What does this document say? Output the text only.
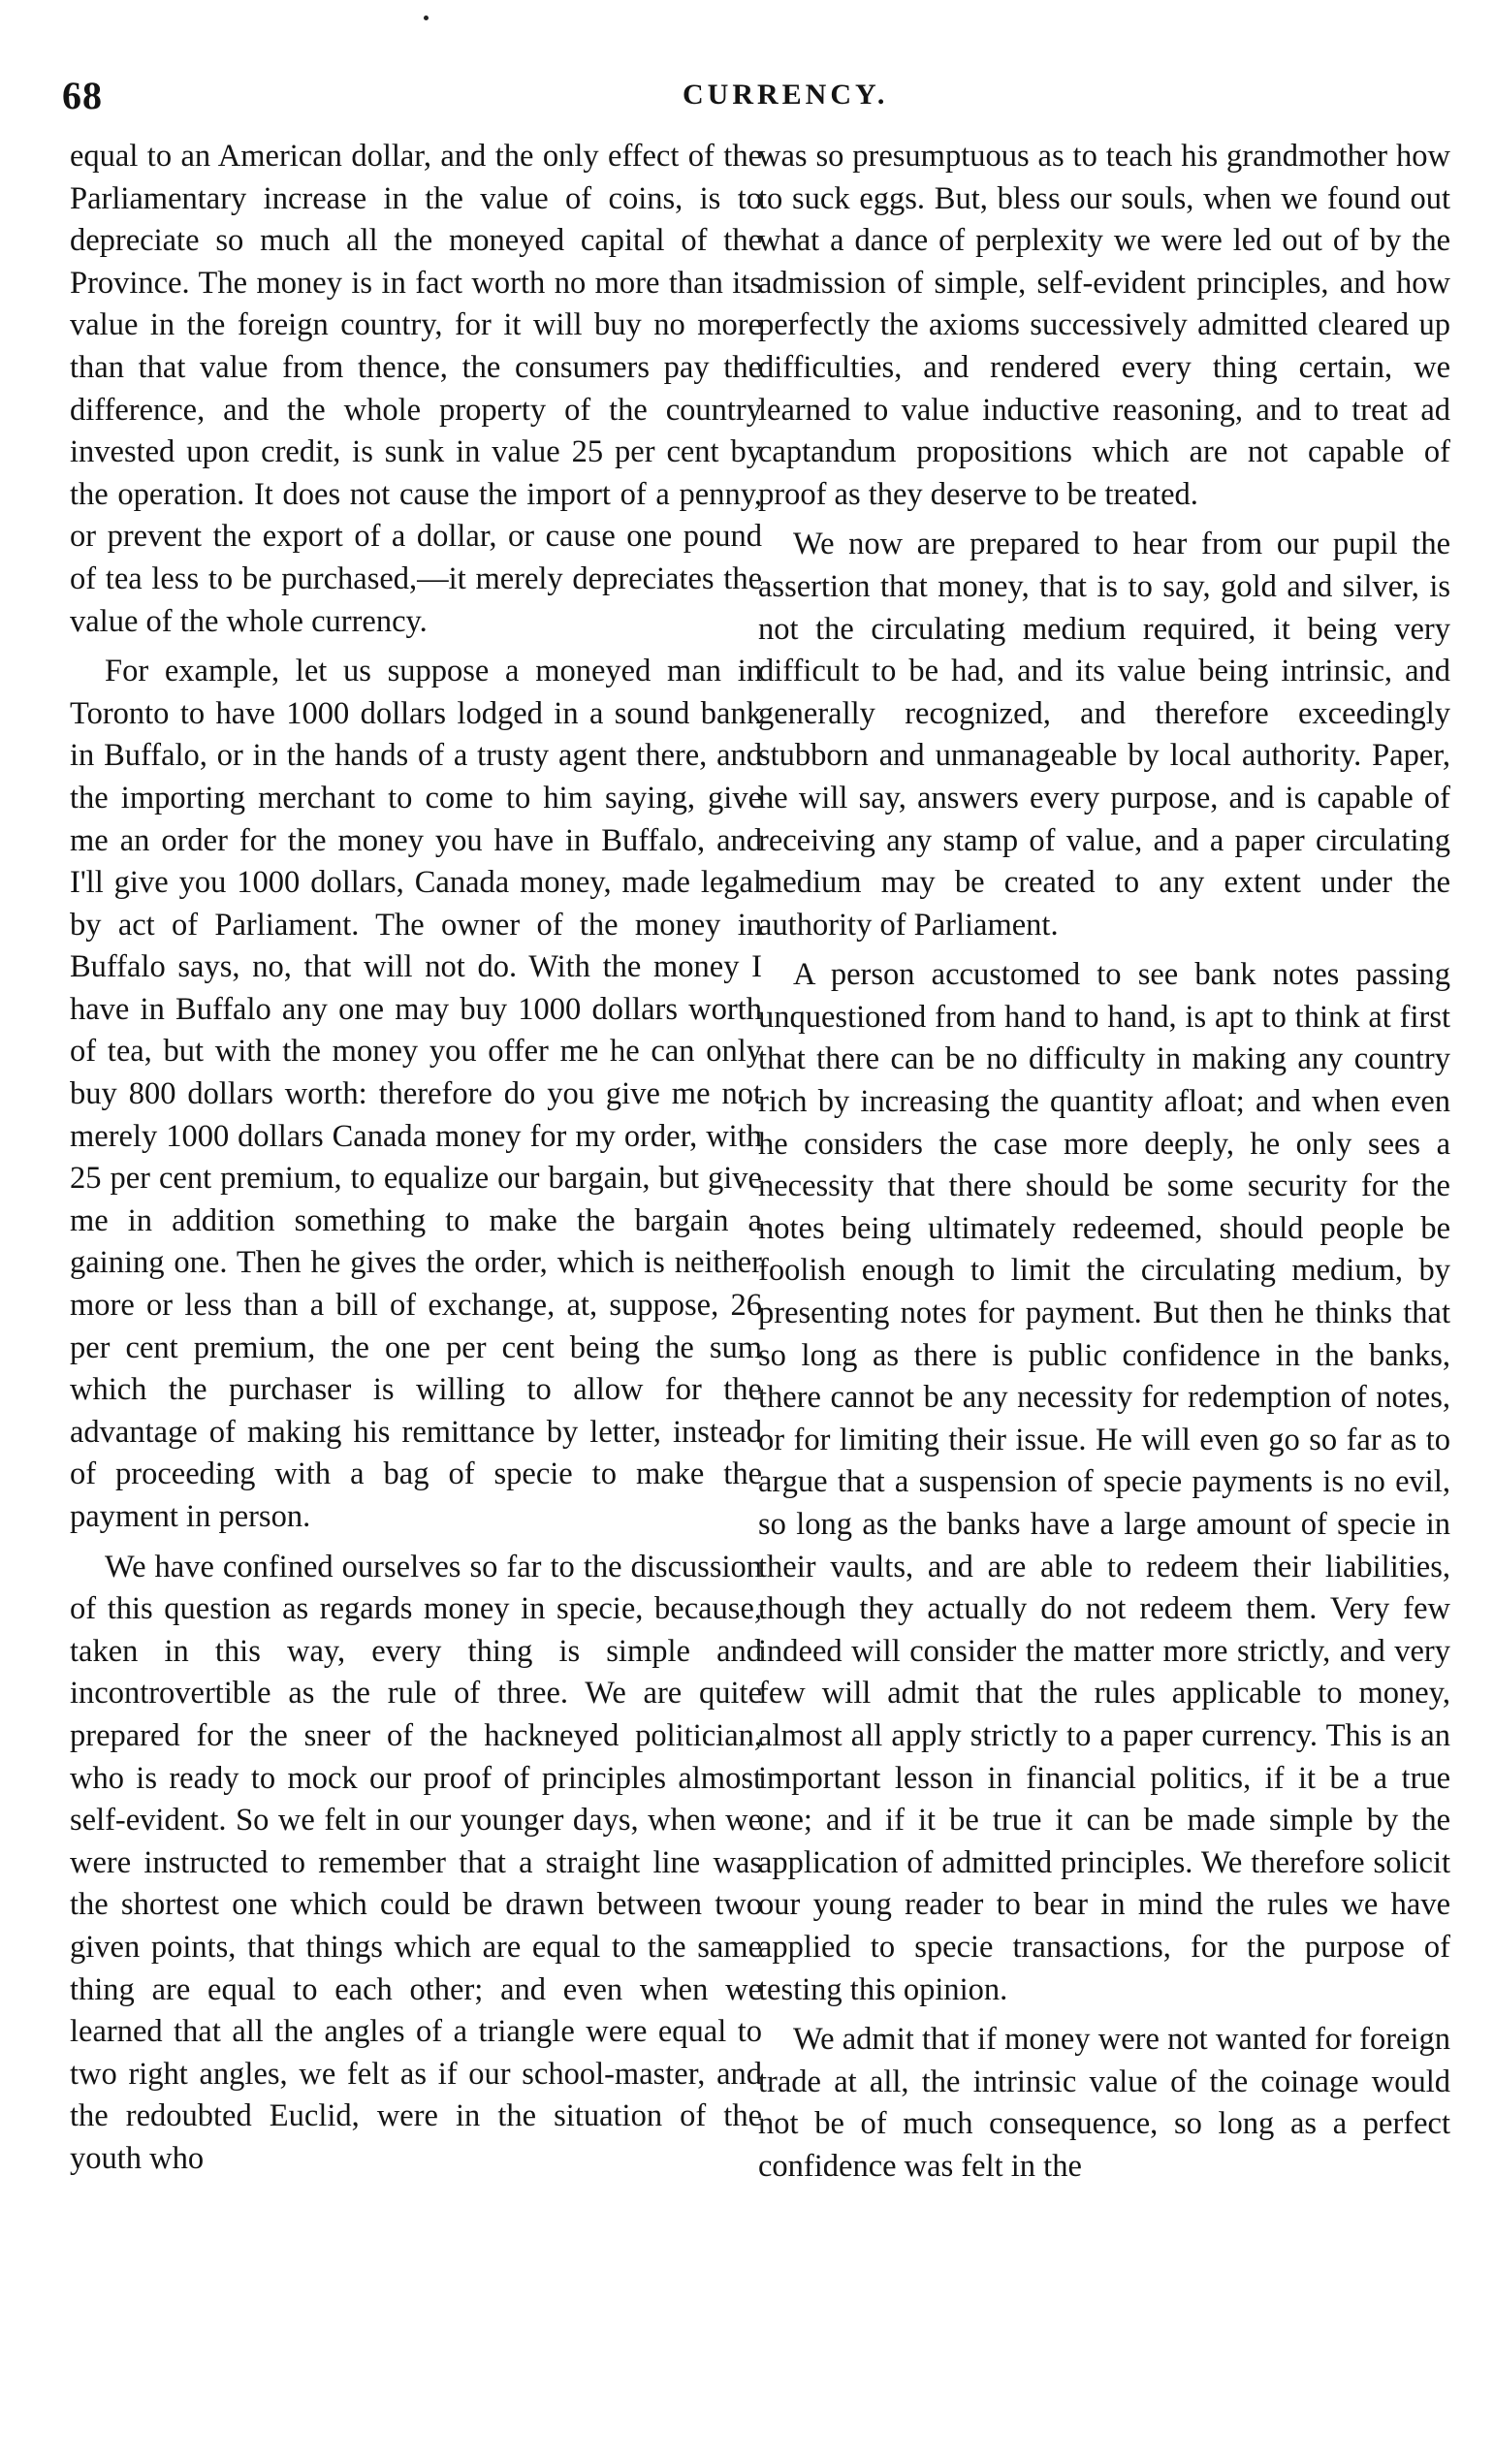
68	CURRENCY.

equal to an American dollar, and the only effect of the Parliamentary increase in the value of coins, is to depreciate so much all the moneyed capital of the Province. The money is in fact worth no more than its value in the foreign country, for it will buy no more than that value from thence, the consumers pay the difference, and the whole property of the country invested upon credit, is sunk in value 25 per cent by the operation. It does not cause the import of a penny, or prevent the export of a dollar, or cause one pound of tea less to be purchased,—it merely depreciates the value of the whole currency.

For example, let us suppose a moneyed man in Toronto to have 1000 dollars lodged in a sound bank in Buffalo, or in the hands of a trusty agent there, and the importing merchant to come to him saying, give me an order for the money you have in Buffalo, and I'll give you 1000 dollars, Canada money, made legal by act of Parliament. The owner of the money in Buffalo says, no, that will not do. With the money I have in Buffalo any one may buy 1000 dollars worth of tea, but with the money you offer me he can only buy 800 dollars worth: therefore do you give me not merely 1000 dollars Canada money for my order, with 25 per cent premium, to equalize our bargain, but give me in addition something to make the bargain a gaining one. Then he gives the order, which is neither more or less than a bill of exchange, at, suppose, 26 per cent premium, the one per cent being the sum which the purchaser is willing to allow for the advantage of making his remittance by letter, instead of proceeding with a bag of specie to make the payment in person.

We have confined ourselves so far to the discussion of this question as regards money in specie, because, taken in this way, every thing is simple and incontrovertible as the rule of three. We are quite prepared for the sneer of the hackneyed politician, who is ready to mock our proof of principles almost self-evident. So we felt in our younger days, when we were instructed to remember that a straight line was the shortest one which could be drawn between two given points, that things which are equal to the same thing are equal to each other; and even when we learned that all the angles of a triangle were equal to two right angles, we felt as if our school-master, and the redoubted Euclid, were in the situation of the youth who

was so presumptuous as to teach his grandmother how to suck eggs. But, bless our souls, when we found out what a dance of perplexity we were led out of by the admission of simple, self-evident principles, and how perfectly the axioms successively admitted cleared up difficulties, and rendered every thing certain, we learned to value inductive reasoning, and to treat ad captandum propositions which are not capable of proof as they deserve to be treated.

We now are prepared to hear from our pupil the assertion that money, that is to say, gold and silver, is not the circulating medium required, it being very difficult to be had, and its value being intrinsic, and generally recognized, and therefore exceedingly stubborn and unmanageable by local authority. Paper, he will say, answers every purpose, and is capable of receiving any stamp of value, and a paper circulating medium may be created to any extent under the authority of Parliament.

A person accustomed to see bank notes passing unquestioned from hand to hand, is apt to think at first that there can be no difficulty in making any country rich by increasing the quantity afloat; and when even he considers the case more deeply, he only sees a necessity that there should be some security for the notes being ultimately redeemed, should people be foolish enough to limit the circulating medium, by presenting notes for payment. But then he thinks that so long as there is public confidence in the banks, there cannot be any necessity for redemption of notes, or for limiting their issue. He will even go so far as to argue that a suspension of specie payments is no evil, so long as the banks have a large amount of specie in their vaults, and are able to redeem their liabilities, though they actually do not redeem them. Very few indeed will consider the matter more strictly, and very few will admit that the rules applicable to money, almost all apply strictly to a paper currency. This is an important lesson in financial politics, if it be a true one; and if it be true it can be made simple by the application of admitted principles. We therefore solicit our young reader to bear in mind the rules we have applied to specie transactions, for the purpose of testing this opinion.

We admit that if money were not wanted for foreign trade at all, the intrinsic value of the coinage would not be of much consequence, so long as a perfect confidence was felt in the
